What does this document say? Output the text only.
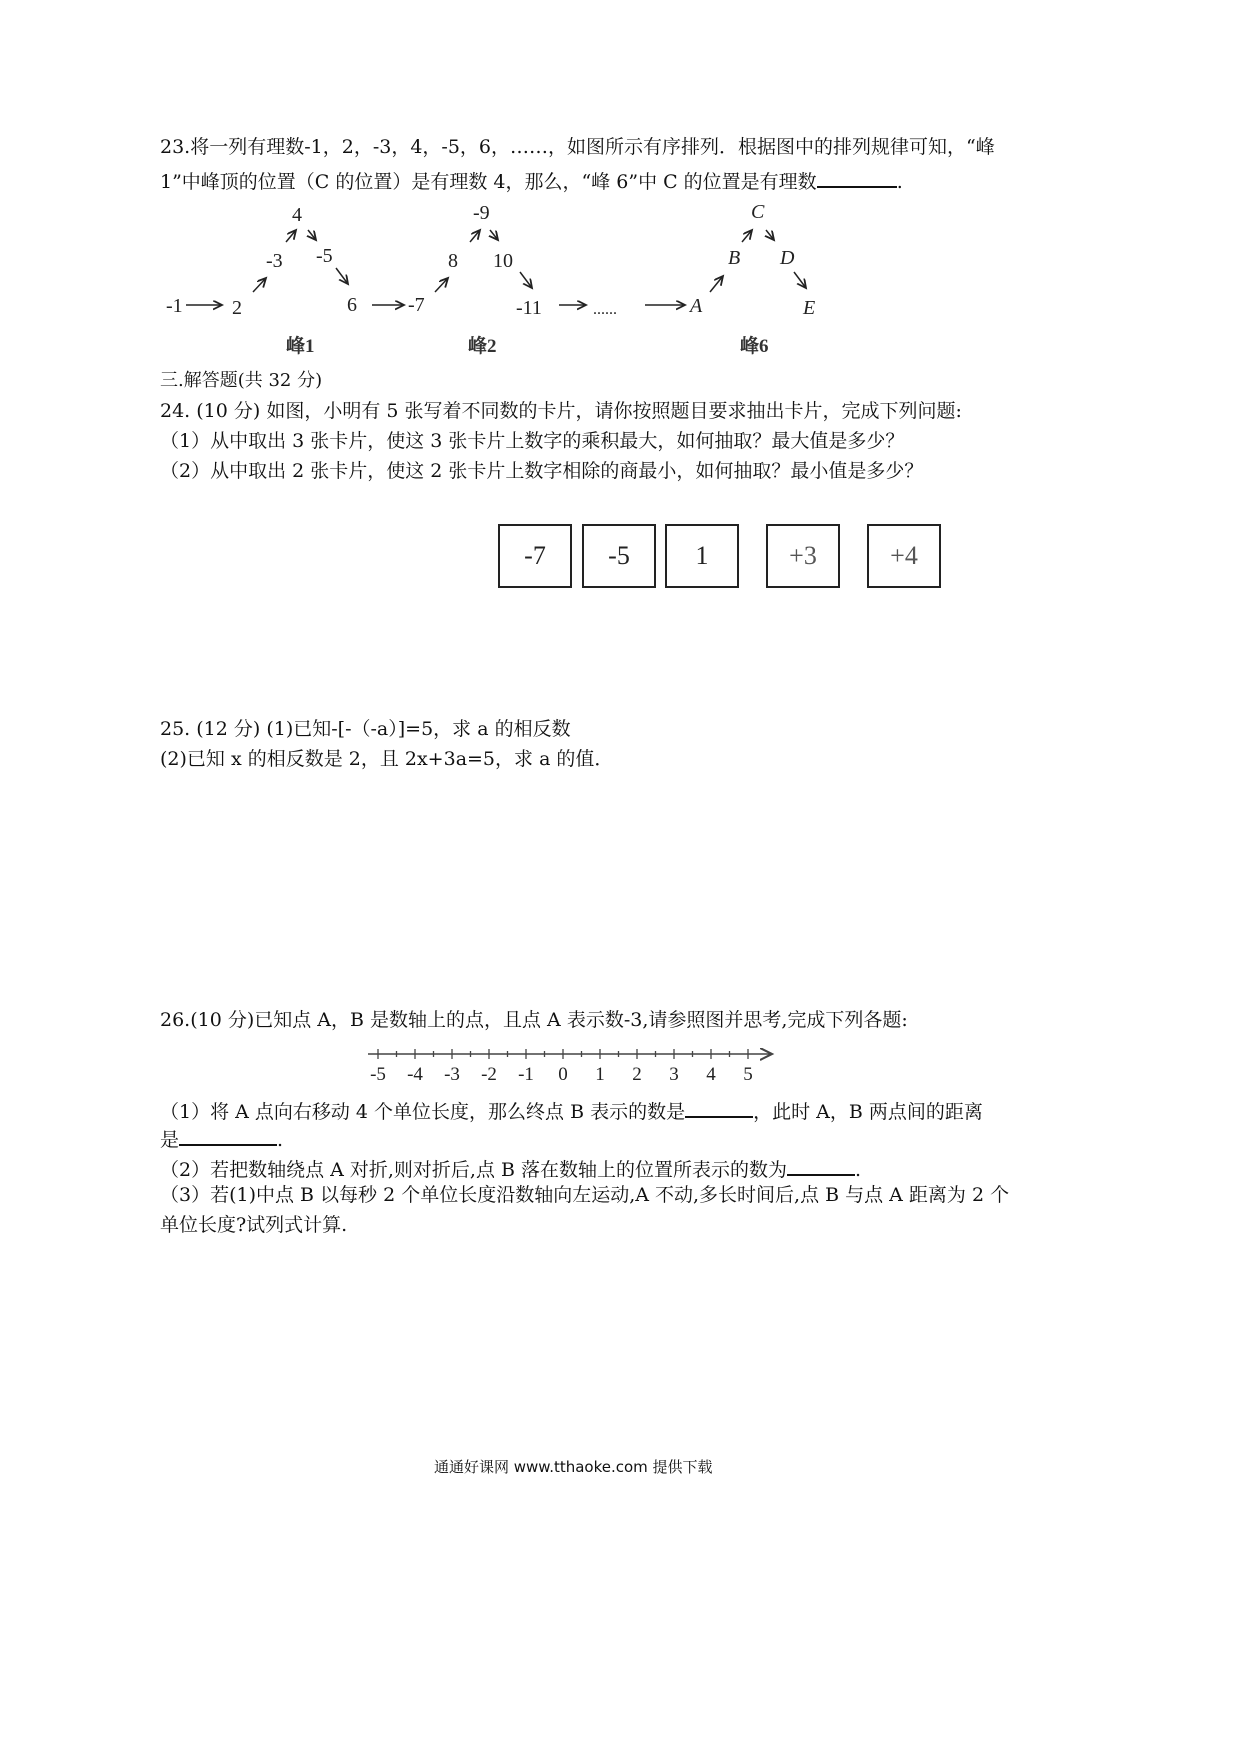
23.将一列有理数-1，2，-3，4，-5，6，……，如图所示有序排列．根据图中的排列规律可知，“峰
1”中峰顶的位置（C 的位置）是有理数 4，那么，“峰 6”中 C 的位置是有理数	.
-1 2
-3
4
-5
6	-7
8
-9
10
-11	......	A
B
C
D
E
峰1	峰2	峰6
三.解答题(共 32 分)
24. (10 分) 如图，小明有 5 张写着不同数的卡片，请你按照题目要求抽出卡片，完成下列问题:
（1）从中取出 3 张卡片，使这 3 张卡片上数字的乘积最大，如何抽取？最大值是多少？
（2）从中取出 2 张卡片，使这 2 张卡片上数字相除的商最小，如何抽取？最小值是多少？
-7	-5	1	+3	+4
25. (12 分) (1)已知-[-（-a）]=5，求 a 的相反数
(2)已知 x 的相反数是 2，且 2x+3a=5，求 a 的值．
26.(10 分)已知点 A，B 是数轴上的点，且点 A 表示数-3,请参照图并思考,完成下列各题:
-5 -4 -3 -2 -1 0 1 2 3 4 5
（1）将 A 点向右移动 4 个单位长度，那么终点 B 表示的数是	，此时 A，B 两点间的距离
是	.
（2）若把数轴绕点 A 对折,则对折后,点 B 落在数轴上的位置所表示的数为	.
（3）若(1)中点 B 以每秒 2 个单位长度沿数轴向左运动,A 不动,多长时间后,点 B 与点 A 距离为 2 个
单位长度?试列式计算.
通通好课网 www.tthaoke.com 提供下载
